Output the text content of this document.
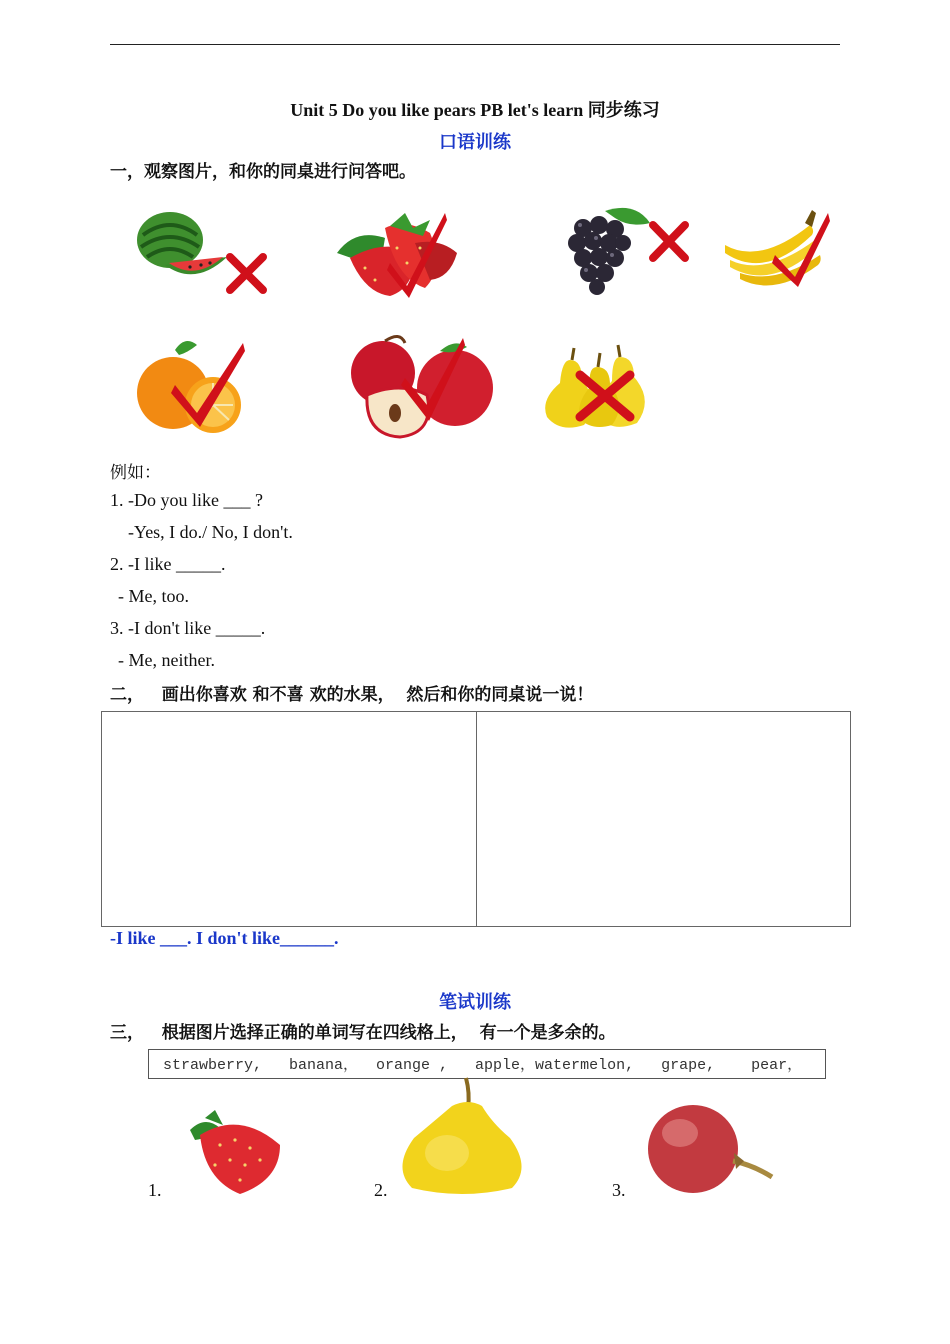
Unit 5 Do you like pears PB let's learn 同步练习
口语训练
一，观察图片，和你的同桌进行问答吧。
例如：
1. -Do you like ___ ?
-Yes, I do./ No, I don't.
2. -I like _____.
- Me, too.
3. -I don't like _____.
- Me, neither.
二，   画出你喜欢 和不喜 欢的水果，  然后和你的同桌说一说！
-I like ___. I don't like______.
笔试训练
三，   根据图片选择正确的单词写在四线格上，  有一个是多余的。
strawberry,   banana，  orange ,   apple，watermelon,   grape,    pear，
1.	2.	3.
